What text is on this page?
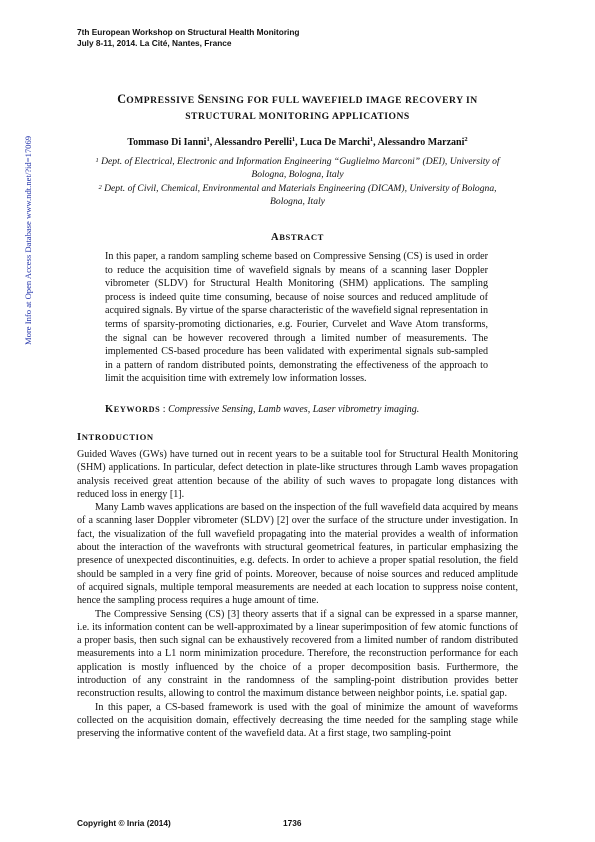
7th European Workshop on Structural Health Monitoring
July 8-11, 2014. La Cité, Nantes, France
More Info at Open Access Database www.ndt.net/?id=17069
COMPRESSIVE SENSING FOR FULL WAVEFIELD IMAGE RECOVERY IN
STRUCTURAL MONITORING APPLICATIONS
Tommaso Di Ianni$^1$, Alessandro Perelli$^1$, Luca De Marchi$^1$, Alessandro Marzani$^2$
$^1$ Dept. of Electrical, Electronic and Information Engineering “Guglielmo Marconi” (DEI), University of Bologna, Bologna, Italy
$^2$ Dept. of Civil, Chemical, Environmental and Materials Engineering (DICAM), University of Bologna, Bologna, Italy
ABSTRACT
In this paper, a random sampling scheme based on Compressive Sensing (CS) is used in order to reduce the acquisition time of wavefield signals by means of a scanning laser Doppler vibrometer (SLDV) for Structural Health Monitoring (SHM) applications. The sampling process is indeed quite time consuming, because of noise sources and reduced amplitude of acquired signals. By virtue of the sparse characteristic of the wavefield signal representation in terms of sparsity-promoting dictionaries, e.g. Fourier, Curvelet and Wave Atom transforms, the signal can be however recovered through a limited number of measurements. The implemented CS-based procedure has been validated with experimental signals sub-sampled in a pattern of random distributed points, demonstrating the effectiveness of the approach to limit the acquisition time with extremely low information losses.
KEYWORDS : Compressive Sensing, Lamb waves, Laser vibrometry imaging.
INTRODUCTION

Guided Waves (GWs) have turned out in recent years to be a suitable tool for Structural Health Monitoring (SHM) applications. In particular, defect detection in plate-like structures through Lamb waves propagation analysis received great attention because of the ability of such waves to propagate long distances with reduced loss in energy [1].

Many Lamb waves applications are based on the inspection of the full wavefield data acquired by means of a scanning laser Doppler vibrometer (SLDV) [2] over the surface of the structure under investigation. In fact, the visualization of the full wavefield propagating into the material provides a wealth of information about the interaction of the wavefronts with structural geometrical features, in particular emphasizing the presence of unexpected discontinuities, e.g. defects. In order to achieve a proper spatial resolution, the field should be sampled in a very fine grid of points. Moreover, because of noise sources and reduced amplitude of acquired signals, multiple temporal measurements are needed at each location to suppress noise content, hence the sampling process requires a huge amount of time.

The Compressive Sensing (CS) [3] theory asserts that if a signal can be expressed in a sparse manner, i.e. its information content can be well-approximated by a linear superimposition of few atomic functions of a proper basis, then such signal can be exhaustively recovered from a limited number of random distributed measurements into a L1 norm minimization procedure. Therefore, the reconstruction performance for each application is mostly influenced by the choice of a proper decomposition basis. Furthermore, the introduction of any constraint in the randomness of the sampling-point distribution provides better reconstruction results, allowing to control the maximum distance between neighbor points, i.e. spatial gap.

In this paper, a CS-based framework is used with the goal of minimize the amount of waveforms collected on the acquisition domain, effectively decreasing the time needed for the sampling stage while preserving the informative content of the wavefield data. At a first stage, two sampling-point

Copyright © Inria (2014)	1736
